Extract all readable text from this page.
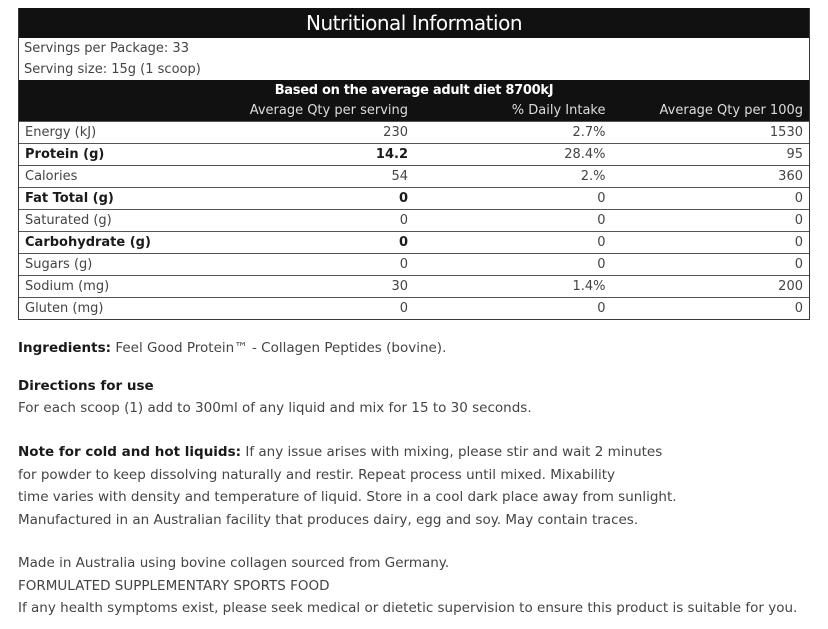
Nutritional Information
Servings per Package: 33
Serving size: 15g (1 scoop)
Based on the average adult diet 8700kJ			
	Average Qty per serving	% Daily Intake	Average Qty per 100g
Energy (kJ)	230	2.7%	1530
Protein (g)	14.2	28.4%	95
Calories	54	2.%	360
Fat Total (g)	0	0	0
Saturated (g)	0	0	0
Carbohydrate (g)	0	0	0
Sugars (g)	0	0	0
Sodium (mg)	30	1.4%	200
Gluten (mg)	0	0	0
Ingredients: Feel Good Protein™ - Collagen Peptides (bovine).
Directions for use
For each scoop (1) add to 300ml of any liquid and mix for 15 to 30 seconds.
Note for cold and hot liquids: If any issue arises with mixing, please stir and wait 2 minutes
for powder to keep dissolving naturally and restir. Repeat process until mixed. Mixability
time varies with density and temperature of liquid. Store in a cool dark place away from sunlight.
Manufactured in an Australian facility that produces dairy, egg and soy. May contain traces.
Made in Australia using bovine collagen sourced from Germany.
FORMULATED SUPPLEMENTARY SPORTS FOOD
If any health symptoms exist, please seek medical or dietetic supervision to ensure this product is suitable for you.
